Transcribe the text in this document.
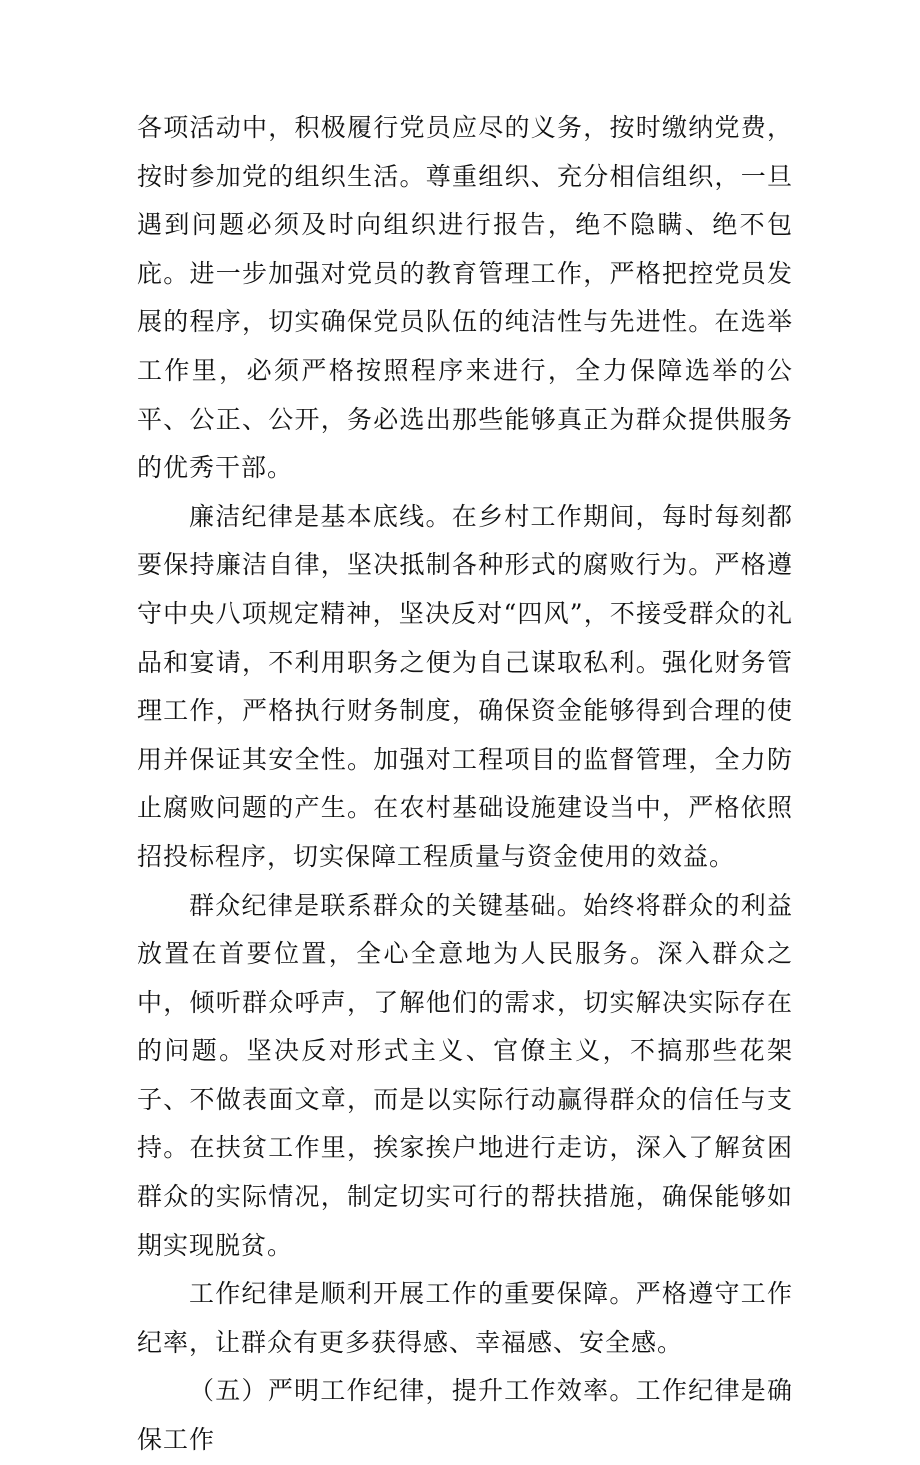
各项活动中，积极履行党员应尽的义务，按时缴纳党费，按时参加党的组织生活。尊重组织、充分相信组织，一旦遇到问题必须及时向组织进行报告，绝不隐瞒、绝不包庇。进一步加强对党员的教育管理工作，严格把控党员发展的程序，切实确保党员队伍的纯洁性与先进性。在选举工作里，必须严格按照程序来进行，全力保障选举的公平、公正、公开，务必选出那些能够真正为群众提供服务的优秀干部。

廉洁纪律是基本底线。在乡村工作期间，每时每刻都要保持廉洁自律，坚决抵制各种形式的腐败行为。严格遵守中央八项规定精神，坚决反对“四风”，不接受群众的礼品和宴请，不利用职务之便为自己谋取私利。强化财务管理工作，严格执行财务制度，确保资金能够得到合理的使用并保证其安全性。加强对工程项目的监督管理，全力防止腐败问题的产生。在农村基础设施建设当中，严格依照招投标程序，切实保障工程质量与资金使用的效益。

群众纪律是联系群众的关键基础。始终将群众的利益放置在首要位置，全心全意地为人民服务。深入群众之中，倾听群众呼声，了解他们的需求，切实解决实际存在的问题。坚决反对形式主义、官僚主义，不搞那些花架子、不做表面文章，而是以实际行动赢得群众的信任与支持。在扶贫工作里，挨家挨户地进行走访，深入了解贫困群众的实际情况，制定切实可行的帮扶措施，确保能够如期实现脱贫。

工作纪律是顺利开展工作的重要保障。严格遵守工作纪率，让群众有更多获得感、幸福感、安全感。

（五）严明工作纪律，提升工作效率。工作纪律是确保工作
